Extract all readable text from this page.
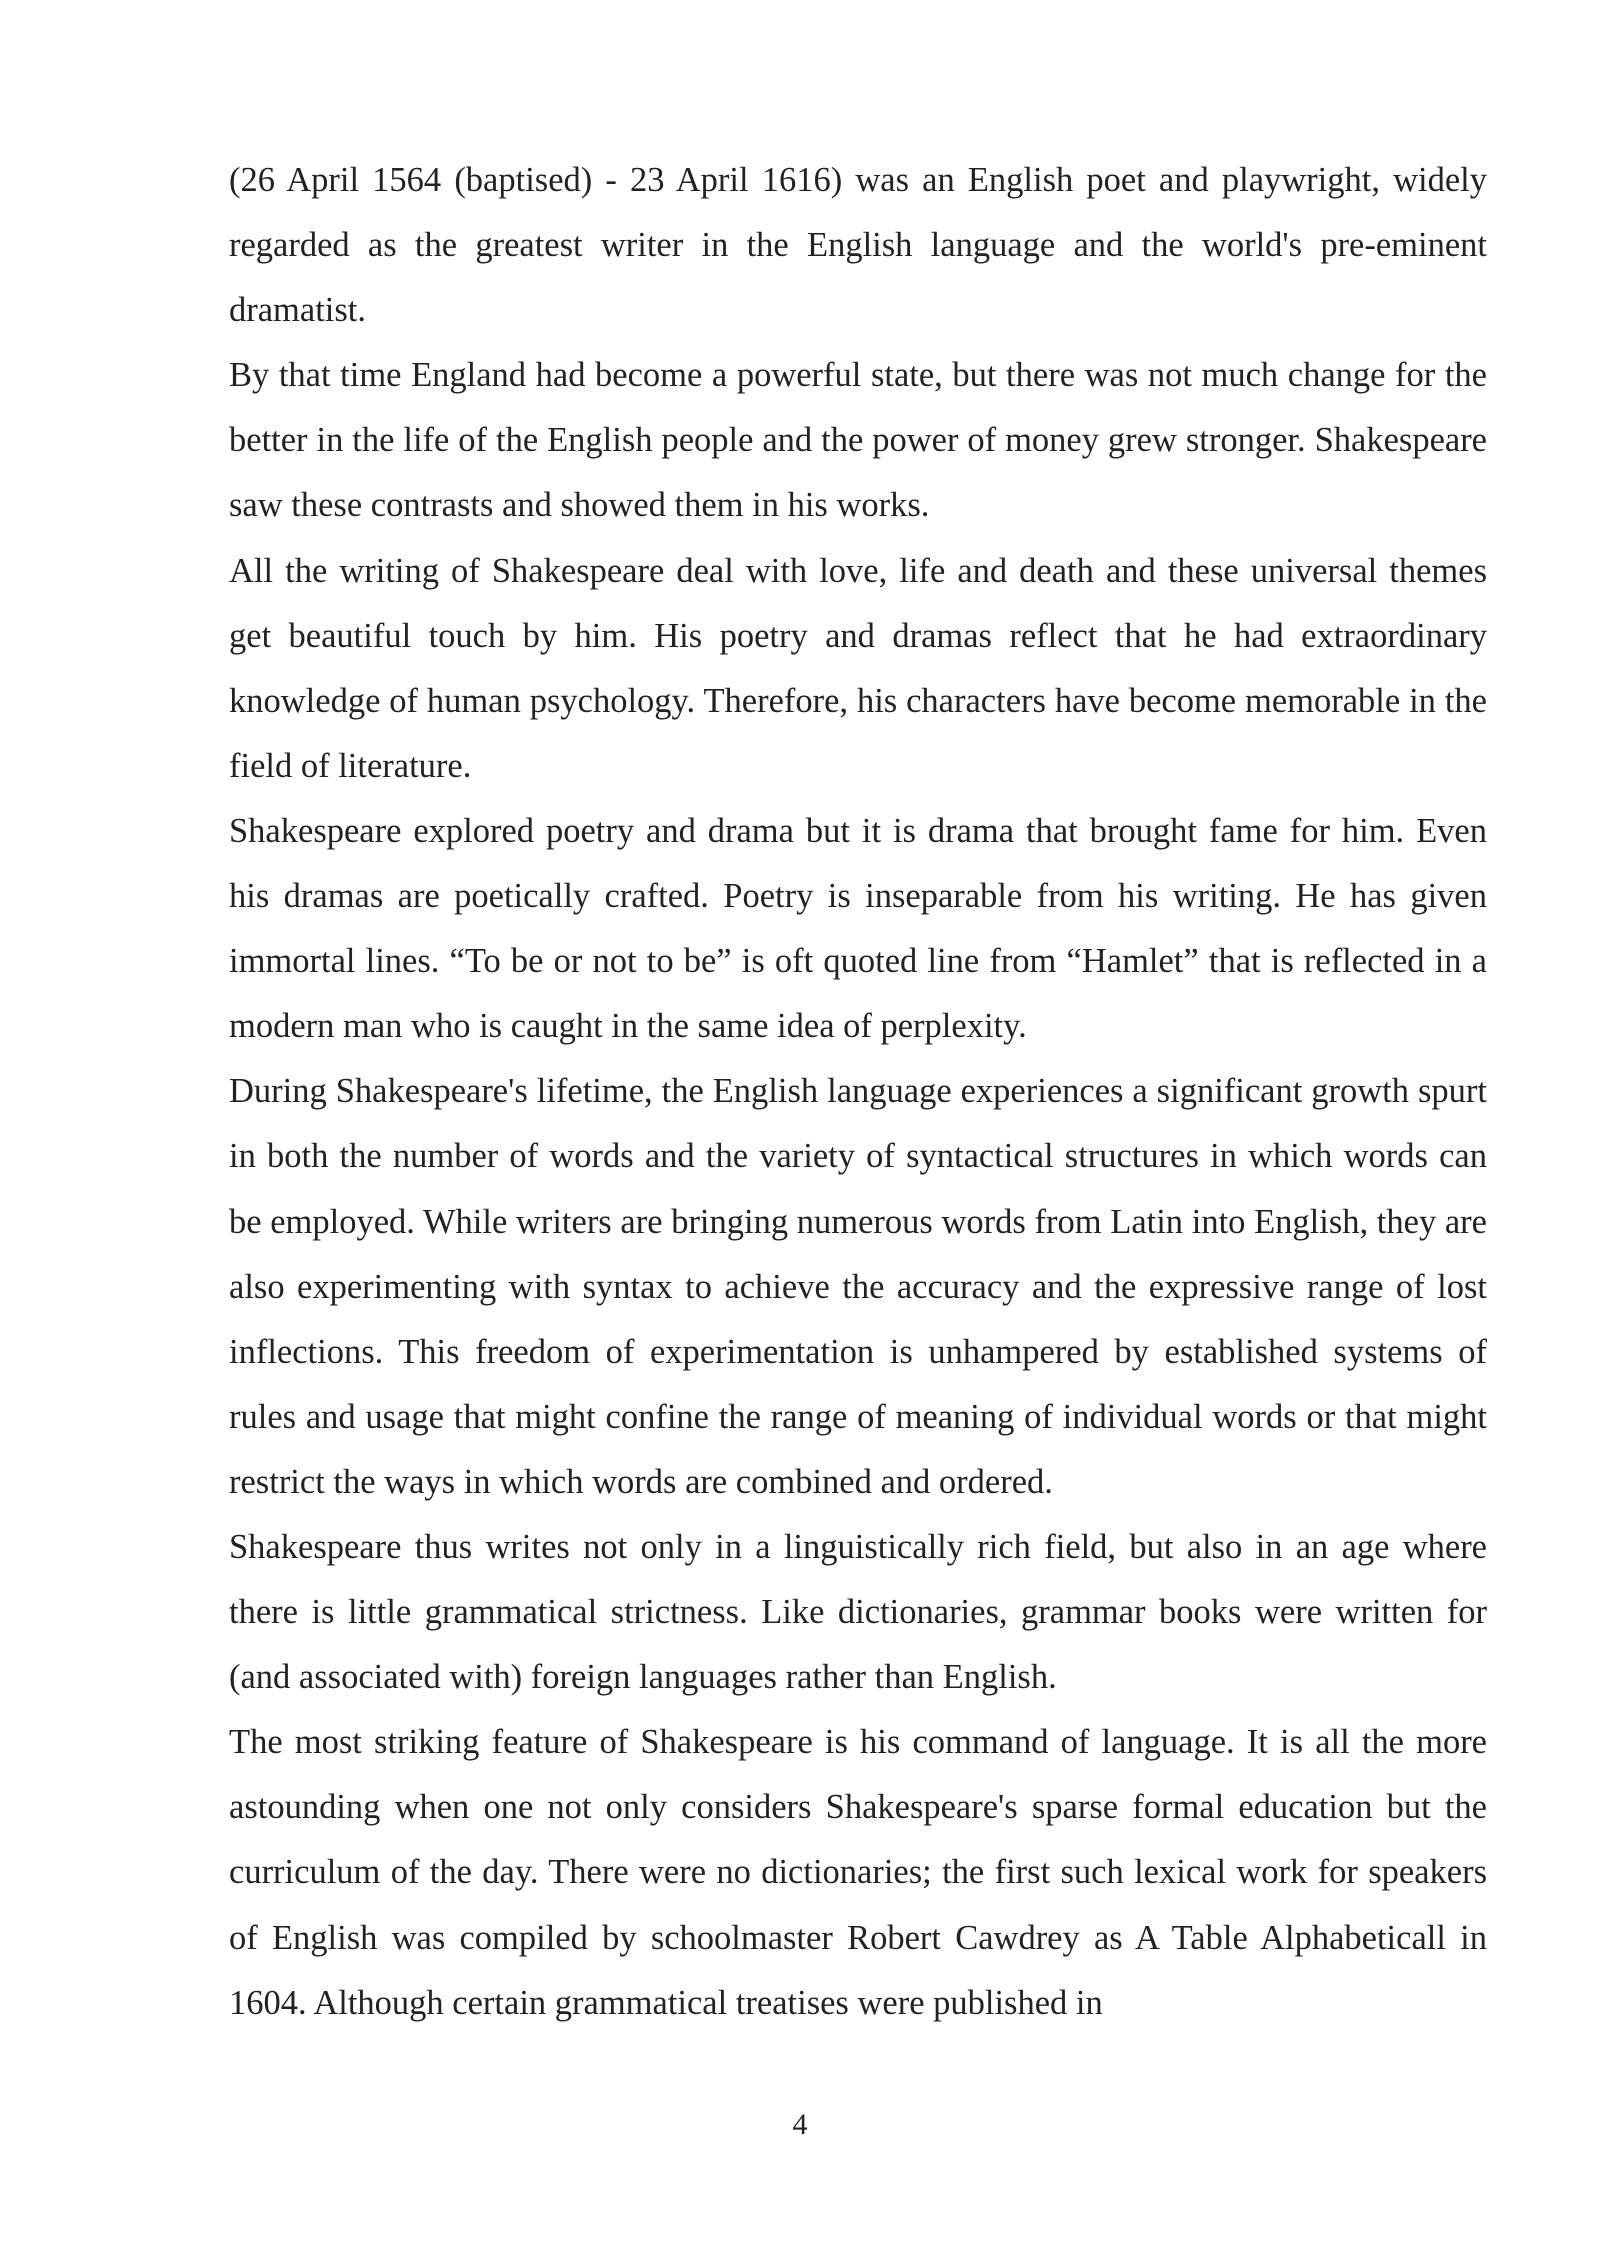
(26 April 1564 (baptised) - 23 April 1616) was an English poet and playwright, widely regarded as the greatest writer in the English language and the world's pre-eminent dramatist.

By that time England had become a powerful state, but there was not much change for the better in the life of the English people and the power of money grew stronger. Shakespeare saw these contrasts and showed them in his works.

All the writing of Shakespeare deal with love, life and death and these universal themes get beautiful touch by him. His poetry and dramas reflect that he had extraordinary knowledge of human psychology. Therefore, his characters have become memorable in the field of literature.

Shakespeare explored poetry and drama but it is drama that brought fame for him. Even his dramas are poetically crafted. Poetry is inseparable from his writing. He has given immortal lines. “To be or not to be” is oft quoted line from “Hamlet” that is reflected in a modern man who is caught in the same idea of perplexity.

During Shakespeare's lifetime, the English language experiences a significant growth spurt in both the number of words and the variety of syntactical structures in which words can be employed. While writers are bringing numerous words from Latin into English, they are also experimenting with syntax to achieve the accuracy and the expressive range of lost inflections. This freedom of experimentation is unhampered by established systems of rules and usage that might confine the range of meaning of individual words or that might restrict the ways in which words are combined and ordered.

Shakespeare thus writes not only in a linguistically rich field, but also in an age where there is little grammatical strictness. Like dictionaries, grammar books were written for (and associated with) foreign languages rather than English.

The most striking feature of Shakespeare is his command of language. It is all the more astounding when one not only considers Shakespeare's sparse formal education but the curriculum of the day. There were no dictionaries; the first such lexical work for speakers of English was compiled by schoolmaster Robert Cawdrey as A Table Alphabeticall in 1604. Although certain grammatical treatises were published in

4
